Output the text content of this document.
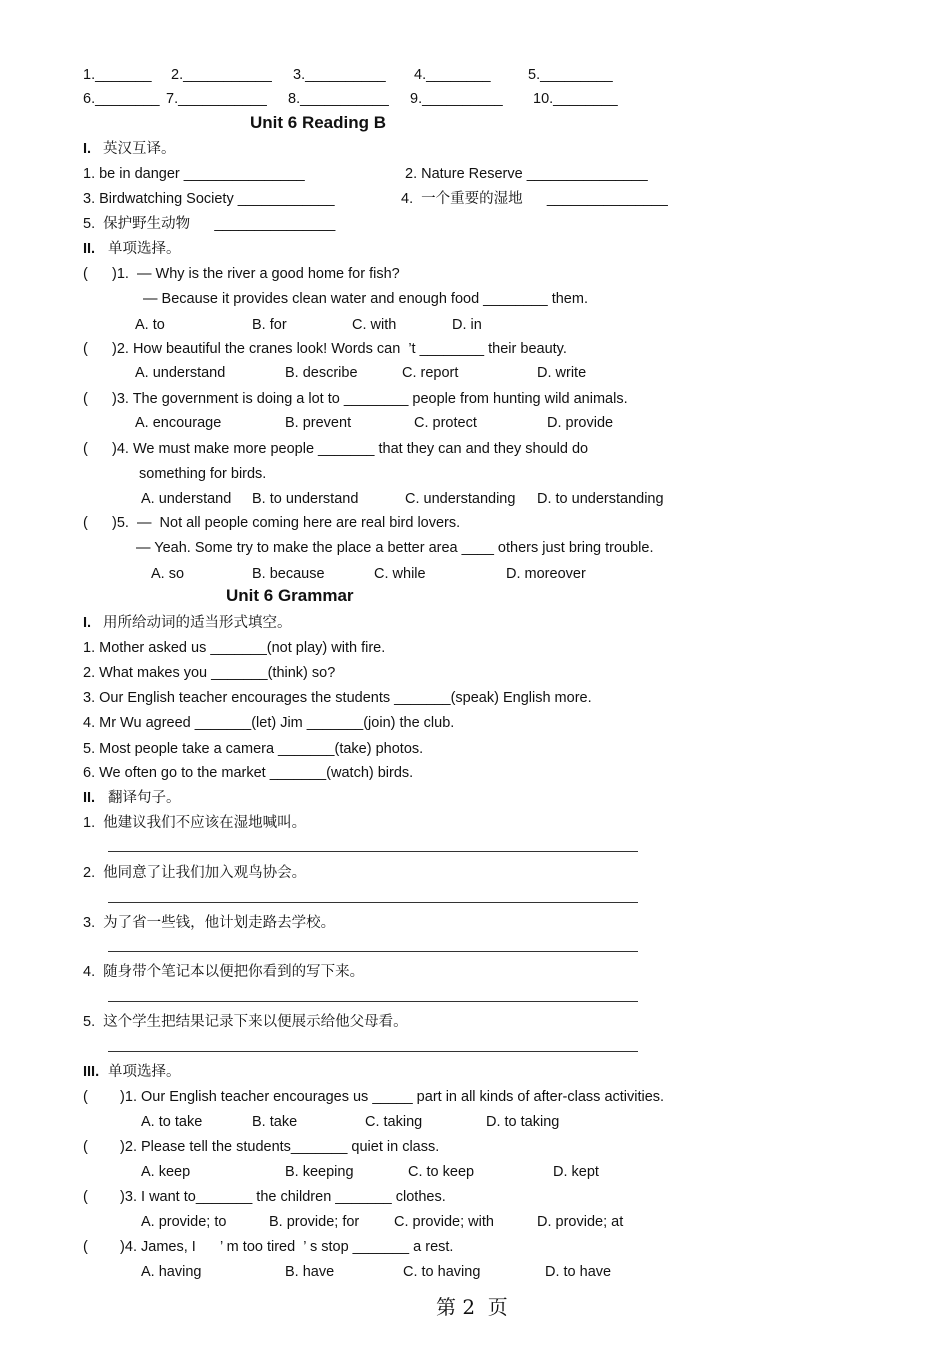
1._______ 2.___________ 3.__________ 4.________	5._________
6.________ 7.___________ 8.___________ 9.__________ 10.________
Unit 6 Reading B
I. 英汉互译。
1. be in danger _______________	2. Nature Reserve _______________
3. Birdwatching Society ____________	4.  一个重要的湿地      _______________
5.  保护野生动物      _______________
II. 单项选择。
(      )1.  — Why is the river a good home for fish?
— Because it provides clean water and enough food ________ them.
A. to	B. for	C. with	D. in
(      )2. How beautiful the cranes look! Words can  ’t ________ their beauty.
A. understand	B. describe	C. report	D. write
(      )3. The government is doing a lot to ________ people from hunting wild animals.
A. encourage	B. prevent	C. protect	D. provide
(      )4. We must make more people _______ that they can and they should do
something for birds.
A. understand B. to understand	C. understanding D. to understanding
(      )5.  —  Not all people coming here are real bird lovers.
— Yeah. Some try to make the place a better area ____ others just bring trouble.
A. so	B. because	C. while	D. moreover
Unit 6 Grammar
I. 用所给动词的适当形式填空。
1. Mother asked us _______(not play) with fire.
2. What makes you _______(think) so?
3. Our English teacher encourages the students _______(speak) English more.
4. Mr Wu agreed _______(let) Jim _______(join) the club.
5. Most people take a camera _______(take) photos.
6. We often go to the market _______(watch) birds.
II. 翻译句子。
1.  他建议我们不应该在湿地喊叫。
2.  他同意了让我们加入观鸟协会。
3.  为了省一些钱，他计划走路去学校。
4.  随身带个笔记本以便把你看到的写下来。
5.  这个学生把结果记录下来以便展示给他父母看。
III. 单项选择。
(        )1. Our English teacher encourages us _____ part in all kinds of after-class activities.
A. to take	B. take	C. taking	D. to taking
(        )2. Please tell the students_______ quiet in class.
A. keep	B. keeping	C. to keep	D. kept
(        )3. I want to_______ the children _______ clothes.
A. provide; to	B. provide; for C. provide; with	D. provide; at
(        )4. James, I      ’ m too tired  ’ s stop _______ a rest.
A. having	B. have	C. to having	D. to have
第 2  页
